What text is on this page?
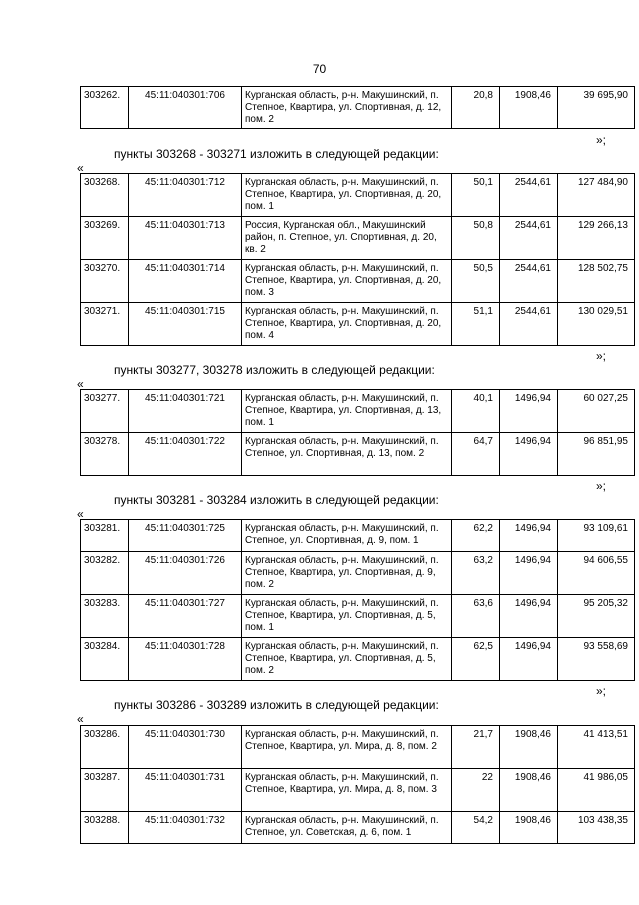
70
303262.	45:11:040301:706	Курганская область, р-н. Макушинский, п. Степное, Квартира, ул. Спортивная, д. 12, пом. 2	20,8	1908,46	39 695,90
»;
пункты 303268 - 303271 изложить в следующей редакции:
«
303268.	45:11:040301:712	Курганская область, р-н. Макушинский, п. Степное, Квартира, ул. Спортивная, д. 20, пом. 1	50,1	2544,61	127 484,90
303269.	45:11:040301:713	Россия, Курганская обл., Макушинский район, п. Степное, ул. Спортивная, д. 20, кв. 2	50,8	2544,61	129 266,13
303270.	45:11:040301:714	Курганская область, р-н. Макушинский, п. Степное, Квартира, ул. Спортивная, д. 20, пом. 3	50,5	2544,61	128 502,75
303271.	45:11:040301:715	Курганская область, р-н. Макушинский, п. Степное, Квартира, ул. Спортивная, д. 20, пом. 4	51,1	2544,61	130 029,51
»;
пункты 303277, 303278 изложить в следующей редакции:
«
303277.	45:11:040301:721	Курганская область, р-н. Макушинский, п. Степное, Квартира, ул. Спортивная, д. 13, пом. 1	40,1	1496,94	60 027,25
303278.	45:11:040301:722	Курганская область, р-н. Макушинский, п. Степное, ул. Спортивная, д. 13, пом. 2	64,7	1496,94	96 851,95
»;
пункты 303281 - 303284 изложить в следующей редакции:
«
303281.	45:11:040301:725	Курганская область, р-н. Макушинский, п. Степное, ул. Спортивная, д. 9, пом. 1	62,2	1496,94	93 109,61
303282.	45:11:040301:726	Курганская область, р-н. Макушинский, п. Степное, Квартира, ул. Спортивная, д. 9, пом. 2	63,2	1496,94	94 606,55
303283.	45:11:040301:727	Курганская область, р-н. Макушинский, п. Степное, Квартира, ул. Спортивная, д. 5, пом. 1	63,6	1496,94	95 205,32
303284.	45:11:040301:728	Курганская область, р-н. Макушинский, п. Степное, Квартира, ул. Спортивная, д. 5, пом. 2	62,5	1496,94	93 558,69
»;
пункты 303286 - 303289 изложить в следующей редакции:
«
303286.	45:11:040301:730	Курганская область, р-н. Макушинский, п. Степное, Квартира, ул. Мира, д. 8, пом. 2	21,7	1908,46	41 413,51
303287.	45:11:040301:731	Курганская область, р-н. Макушинский, п. Степное, Квартира, ул. Мира, д. 8, пом. 3	22	1908,46	41 986,05
303288.	45:11:040301:732	Курганская область, р-н. Макушинский, п. Степное, ул. Советская, д. 6, пом. 1	54,2	1908,46	103 438,35
